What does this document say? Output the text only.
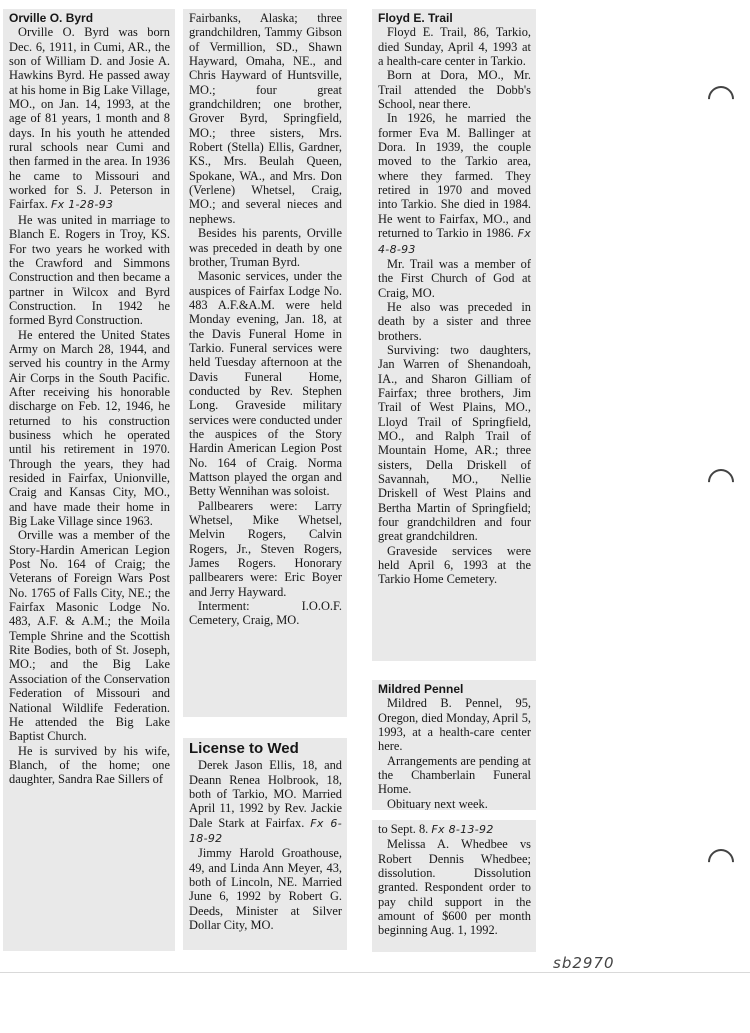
Orville O. Byrd

Orville O. Byrd was born Dec. 6, 1911, in Cumi, AR., the son of William D. and Josie A. Hawkins Byrd. He passed away at his home in Big Lake Village, MO., on Jan. 14, 1993, at the age of 81 years, 1 month and 8 days. In his youth he attended rural schools near Cumi and then farmed in the area. In 1936 he came to Missouri and worked for S. J. Peterson in Fairfax. Fx 1-28-93

He was united in marriage to Blanch E. Rogers in Troy, KS. For two years he worked with the Crawford and Simmons Construction and then became a partner in Wilcox and Byrd Construction. In 1942 he formed Byrd Construction.

He entered the United States Army on March 28, 1944, and served his country in the Army Air Corps in the South Pacific. After receiving his honorable discharge on Feb. 12, 1946, he returned to his construction business which he operated until his retirement in 1970. Through the years, they had resided in Fairfax, Unionville, Craig and Kansas City, MO., and have made their home in Big Lake Village since 1963.

Orville was a member of the Story-Hardin American Legion Post No. 164 of Craig; the Veterans of Foreign Wars Post No. 1765 of Falls City, NE.; the Fairfax Masonic Lodge No. 483, A.F. & A.M.; the Moila Temple Shrine and the Scottish Rite Bodies, both of St. Joseph, MO.; and the Big Lake Association of the Conservation Federation of Missouri and National Wildlife Federation. He attended the Big Lake Baptist Church.

He is survived by his wife, Blanch, of the home; one daughter, Sandra Rae Sillers of

Fairbanks, Alaska; three grandchildren, Tammy Gibson of Vermillion, SD., Shawn Hayward, Omaha, NE., and Chris Hayward of Huntsville, MO.; four great grandchildren; one brother, Grover Byrd, Springfield, MO.; three sisters, Mrs. Robert (Stella) Ellis, Gardner, KS., Mrs. Beulah Queen, Spokane, WA., and Mrs. Don (Verlene) Whetsel, Craig, MO.; and several nieces and nephews.

Besides his parents, Orville was preceded in death by one brother, Truman Byrd.

Masonic services, under the auspices of Fairfax Lodge No. 483 A.F.&A.M. were held Monday evening, Jan. 18, at the Davis Funeral Home in Tarkio. Funeral services were held Tuesday afternoon at the Davis Funeral Home, conducted by Rev. Stephen Long. Graveside military services were conducted under the auspices of the Story Hardin American Legion Post No. 164 of Craig. Norma Mattson played the organ and Betty Wennihan was soloist.

Pallbearers were: Larry Whetsel, Mike Whetsel, Melvin Rogers, Calvin Rogers, Jr., Steven Rogers, James Rogers. Honorary pallbearers were: Eric Boyer and Jerry Hayward.

Interment: I.O.O.F. Cemetery, Craig, MO.

License to Wed

Derek Jason Ellis, 18, and Deann Renea Holbrook, 18, both of Tarkio, MO. Married April 11, 1992 by Rev. Jackie Dale Stark at Fairfax. Fx 6-18-92

Jimmy Harold Groathouse, 49, and Linda Ann Meyer, 43, both of Lincoln, NE. Married June 6, 1992 by Robert G. Deeds, Minister at Silver Dollar City, MO.

Floyd E. Trail

Floyd E. Trail, 86, Tarkio, died Sunday, April 4, 1993 at a health-care center in Tarkio.

Born at Dora, MO., Mr. Trail attended the Dobb's School, near there.

In 1926, he married the former Eva M. Ballinger at Dora. In 1939, the couple moved to the Tarkio area, where they farmed. They retired in 1970 and moved into Tarkio. She died in 1984. He went to Fairfax, MO., and returned to Tarkio in 1986. Fx 4-8-93

Mr. Trail was a member of the First Church of God at Craig, MO.

He also was preceded in death by a sister and three brothers.

Surviving: two daughters, Jan Warren of Shenandoah, IA., and Sharon Gilliam of Fairfax; three brothers, Jim Trail of West Plains, MO., Lloyd Trail of Springfield, MO., and Ralph Trail of Mountain Home, AR.; three sisters, Della Driskell of Savannah, MO., Nellie Driskell of West Plains and Bertha Martin of Springfield; four grandchildren and four great grandchildren.

Graveside services were held April 6, 1993 at the Tarkio Home Cemetery.

Mildred Pennel

Mildred B. Pennel, 95, Oregon, died Monday, April 5, 1993, at a health-care center here.

Arrangements are pending at the Chamberlain Funeral Home.

Obituary next week.

to Sept. 8. Fx 8-13-92

Melissa A. Whedbee vs Robert Dennis Whedbee; dissolution. Dissolution granted. Respondent order to pay child support in the amount of $600 per month beginning Aug. 1, 1992.

sb2970
